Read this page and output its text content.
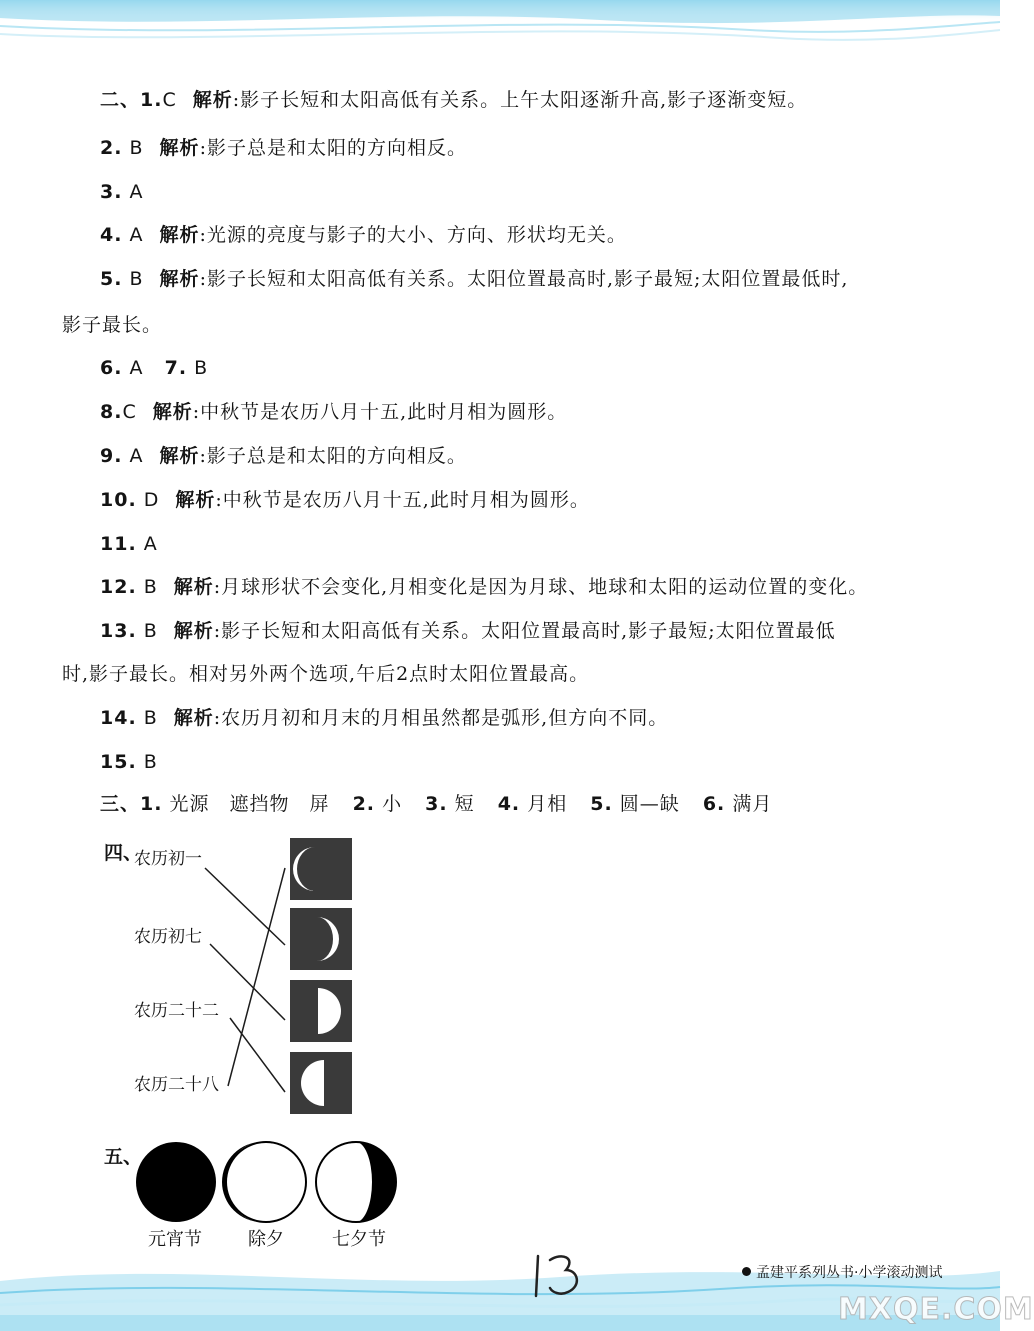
二、1.C 解析:影子长短和太阳高低有关系。上午太阳逐渐升高,影子逐渐变短。
2. B 解析:影子总是和太阳的方向相反。
3. A
4. A 解析:光源的亮度与影子的大小、方向、形状均无关。
5. B 解析:影子长短和太阳高低有关系。太阳位置最高时,影子最短;太阳位置最低时,
影子最长。
6. A 7. B
8.C 解析:中秋节是农历八月十五,此时月相为圆形。
9. A 解析:影子总是和太阳的方向相反。
10. D 解析:中秋节是农历八月十五,此时月相为圆形。
11. A
12. B 解析:月球形状不会变化,月相变化是因为月球、地球和太阳的运动位置的变化。
13. B 解析:影子长短和太阳高低有关系。太阳位置最高时,影子最短;太阳位置最低
时,影子最长。相对另外两个选项,午后2点时太阳位置最高。
14. B 解析:农历月初和月末的月相虽然都是弧形,但方向不同。
15. B
三、1. 光源　遮挡物　屏 2. 小 3. 短 4. 月相 5. 圆—缺 6. 满月
四、
农历初一
农历初七
农历二十二
农历二十八
五、
元宵节	除夕	七夕节
孟建平系列丛书·小学滚动测试
MXQE.COM
